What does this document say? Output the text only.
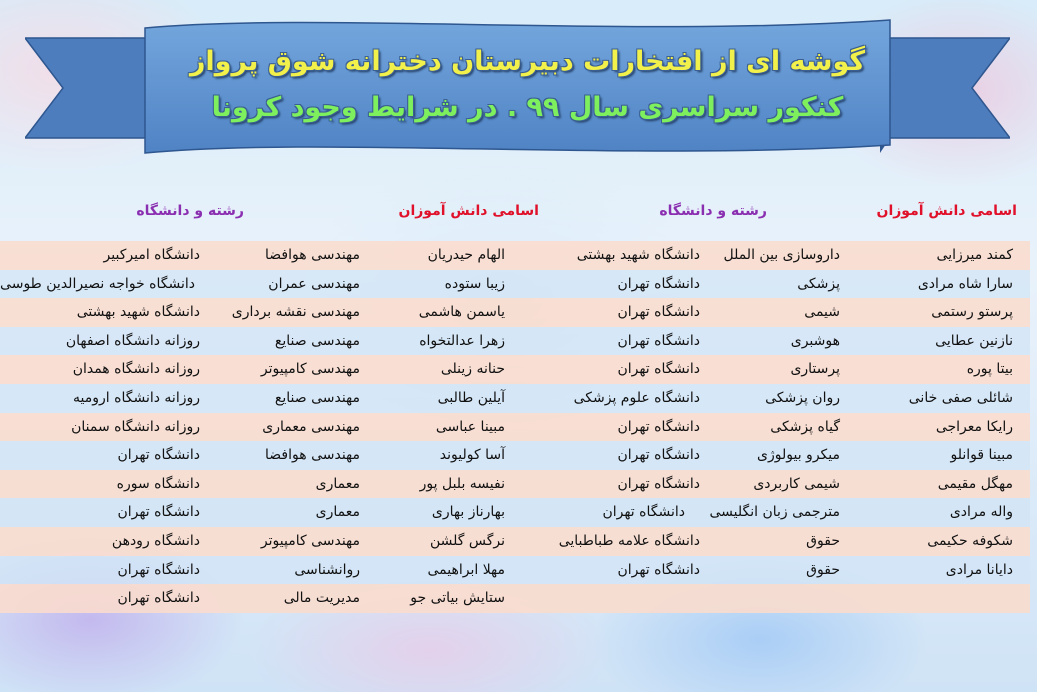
گوشه ای از افتخارات دبیرستان دخترانه شوق پرواز
کنکور سراسری سال ۹۹ . در شرایط وجود کرونا
اسامی دانش آموزان
رشته و دانشگاه
اسامی دانش آموزان
رشته و دانشگاه
کمند میرزایی
داروسازی بین الملل
دانشگاه شهید بهشتی
الهام حیدریان
مهندسی هوافضا
دانشگاه امیرکبیر
سارا شاه مرادی
پزشکی
دانشگاه تهران
زیبا ستوده
مهندسی عمران
دانشگاه خواجه نصیرالدین طوسی
پرستو رستمی
شیمی
دانشگاه تهران
یاسمن هاشمی
مهندسی نقشه برداری
دانشگاه شهید بهشتی
نازنین عطایی
هوشبری
دانشگاه تهران
زهرا عدالتخواه
مهندسی صنایع
روزانه دانشگاه اصفهان
بیتا پوره
پرستاری
دانشگاه تهران
حنانه زینلی
مهندسی کامپیوتر
روزانه دانشگاه همدان
شائلی صفی خانی
روان پزشکی
دانشگاه علوم پزشکی
آیلین طالبی
مهندسی صنایع
روزانه دانشگاه ارومیه
رایکا معراجی
گیاه پزشکی
دانشگاه تهران
مبینا عباسی
مهندسی معماری
روزانه دانشگاه سمنان
مبینا قوانلو
میکرو بیولوژی
دانشگاه تهران
آسا کولیوند
مهندسی هوافضا
دانشگاه تهران
مهگل مقیمی
شیمی کاربردی
دانشگاه تهران
نفیسه بلبل پور
معماری
دانشگاه سوره
واله مرادی
مترجمی زبان انگلیسی
دانشگاه تهران
بهارناز بهاری
معماری
دانشگاه تهران
شکوفه حکیمی
حقوق
دانشگاه علامه طباطبایی
نرگس گلشن
مهندسی کامپیوتر
دانشگاه رودهن
دایانا مرادی
حقوق
دانشگاه تهران
مهلا ابراهیمی
روانشناسی
دانشگاه تهران
ستایش بیاتی جو
مدیریت مالی
دانشگاه تهران
